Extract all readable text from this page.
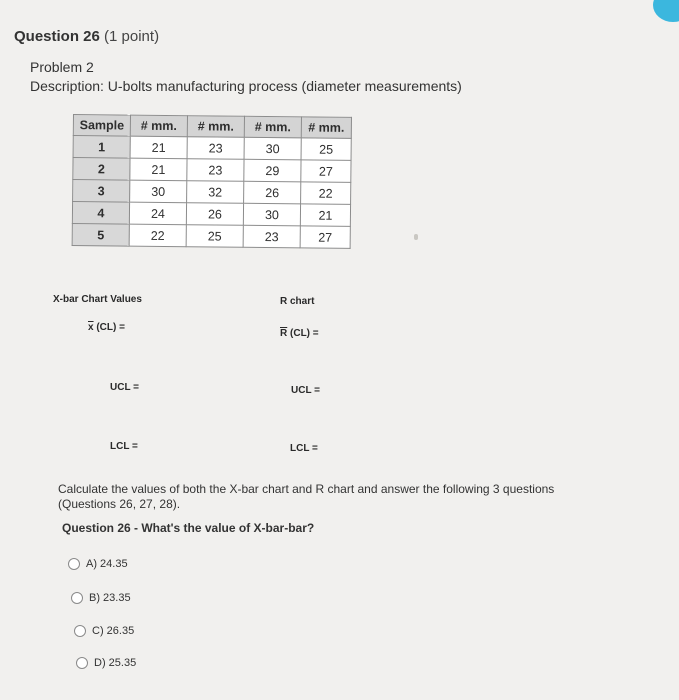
Question 26 (1 point)
Problem 2
Description: U-bolts manufacturing process (diameter measurements)
Sample	# mm.	# mm.	# mm.	# mm.
1	21	23	30	25
2	21	23	29	27
3	30	32	26	22
4	24	26	30	21
5	22	25	23	27
X-bar Chart Values
$\overline{x}$ (CL) =
UCL =
LCL =
R chart
$\overline{R}$ (CL) =
UCL =
LCL =
Calculate the values of both the X-bar chart and R chart and answer the following 3 questions (Questions 26, 27, 28).
Question 26 - What's the value of X-bar-bar?
A) 24.35
B) 23.35
C) 26.35
D) 25.35
